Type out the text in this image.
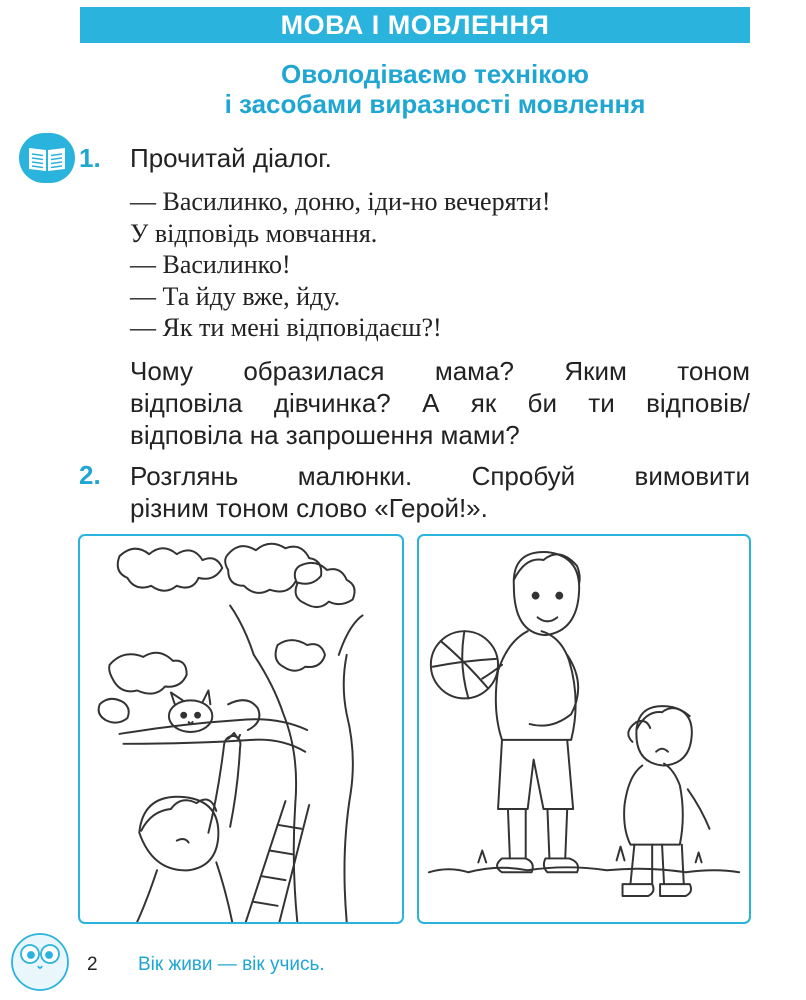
МОВА І МОВЛЕННЯ
Оволодіваємо технікою
і засобами виразності мовлення
1. Прочитай діалог.
— Василинко, доню, іди-но вечеряти!
У відповідь мовчання.
— Василинко!
— Та йду вже, йду.
— Як ти мені відповідаєш?!
Чому образилася мама? Яким тоном
відповіла дівчинка? А як би ти відповів/
відповіла на запрошення мами?
2. Розглянь малюнки. Спробуй вимовити
різним тоном слово «Герой!».
2 Вік живи — вік учись.
